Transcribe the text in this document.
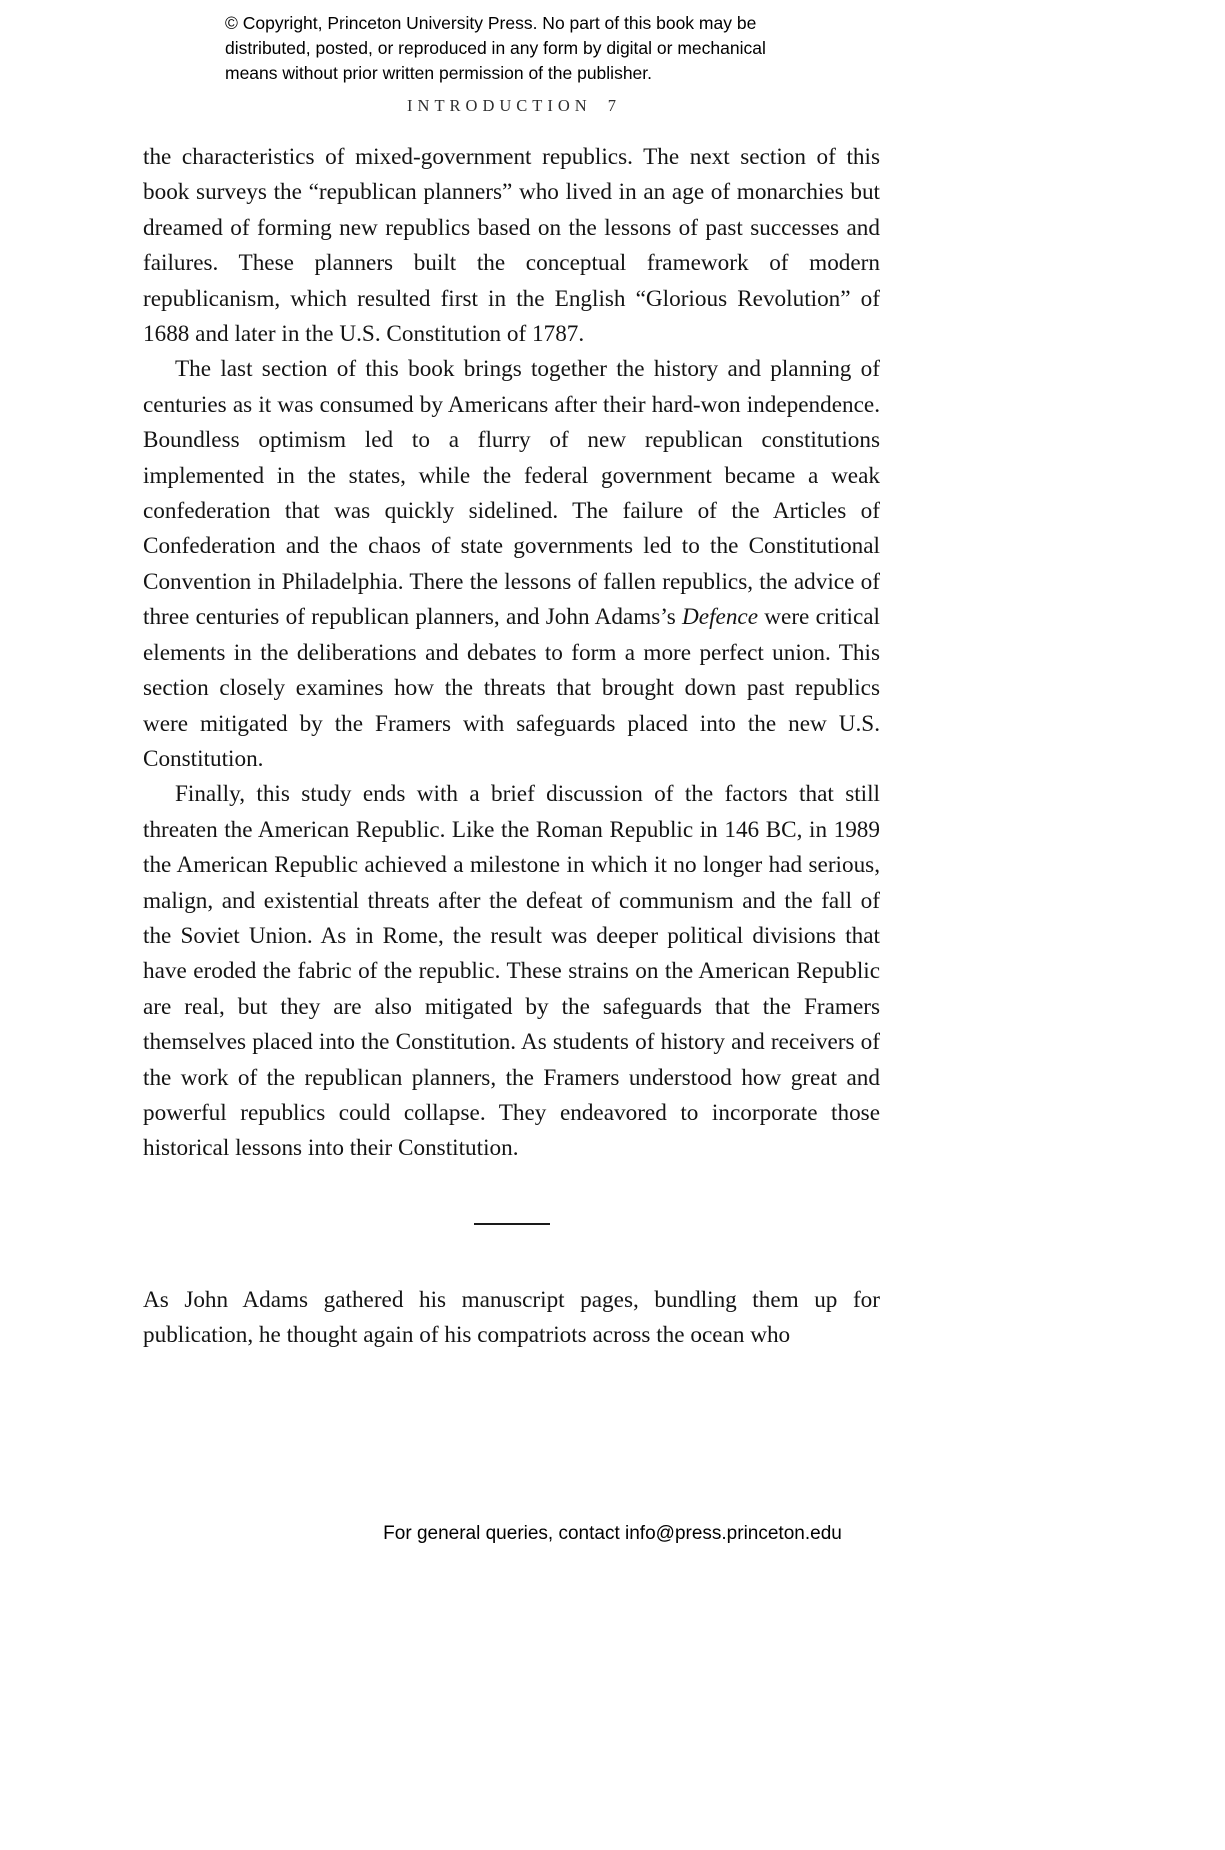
© Copyright, Princeton University Press. No part of this book may be
distributed, posted, or reproduced in any form by digital or mechanical
means without prior written permission of the publisher.
INTRODUCTION 7

the characteristics of mixed-government republics. The next section of this book surveys the “republican planners” who lived in an age of monarchies but dreamed of forming new republics based on the lessons of past successes and failures. These planners built the conceptual framework of modern republicanism, which resulted first in the English “Glorious Revolution” of 1688 and later in the U.S. Constitution of 1787.

The last section of this book brings together the history and planning of centuries as it was consumed by Americans after their hard-won independence. Boundless optimism led to a flurry of new republican constitutions implemented in the states, while the federal government became a weak confederation that was quickly sidelined. The failure of the Articles of Confederation and the chaos of state governments led to the Constitutional Convention in Philadelphia. There the lessons of fallen republics, the advice of three centuries of republican planners, and John Adams’s Defence were critical elements in the deliberations and debates to form a more perfect union. This section closely examines how the threats that brought down past republics were mitigated by the Framers with safeguards placed into the new U.S. Constitution.

Finally, this study ends with a brief discussion of the factors that still threaten the American Republic. Like the Roman Republic in 146 BC, in 1989 the American Republic achieved a milestone in which it no longer had serious, malign, and existential threats after the defeat of communism and the fall of the Soviet Union. As in Rome, the result was deeper political divisions that have eroded the fabric of the republic. These strains on the American Republic are real, but they are also mitigated by the safeguards that the Framers themselves placed into the Constitution. As students of history and receivers of the work of the republican planners, the Framers understood how great and powerful republics could collapse. They endeavored to incorporate those historical lessons into their Constitution.

As John Adams gathered his manuscript pages, bundling them up for publication, he thought again of his compatriots across the ocean who

For general queries, contact info@press.princeton.edu
